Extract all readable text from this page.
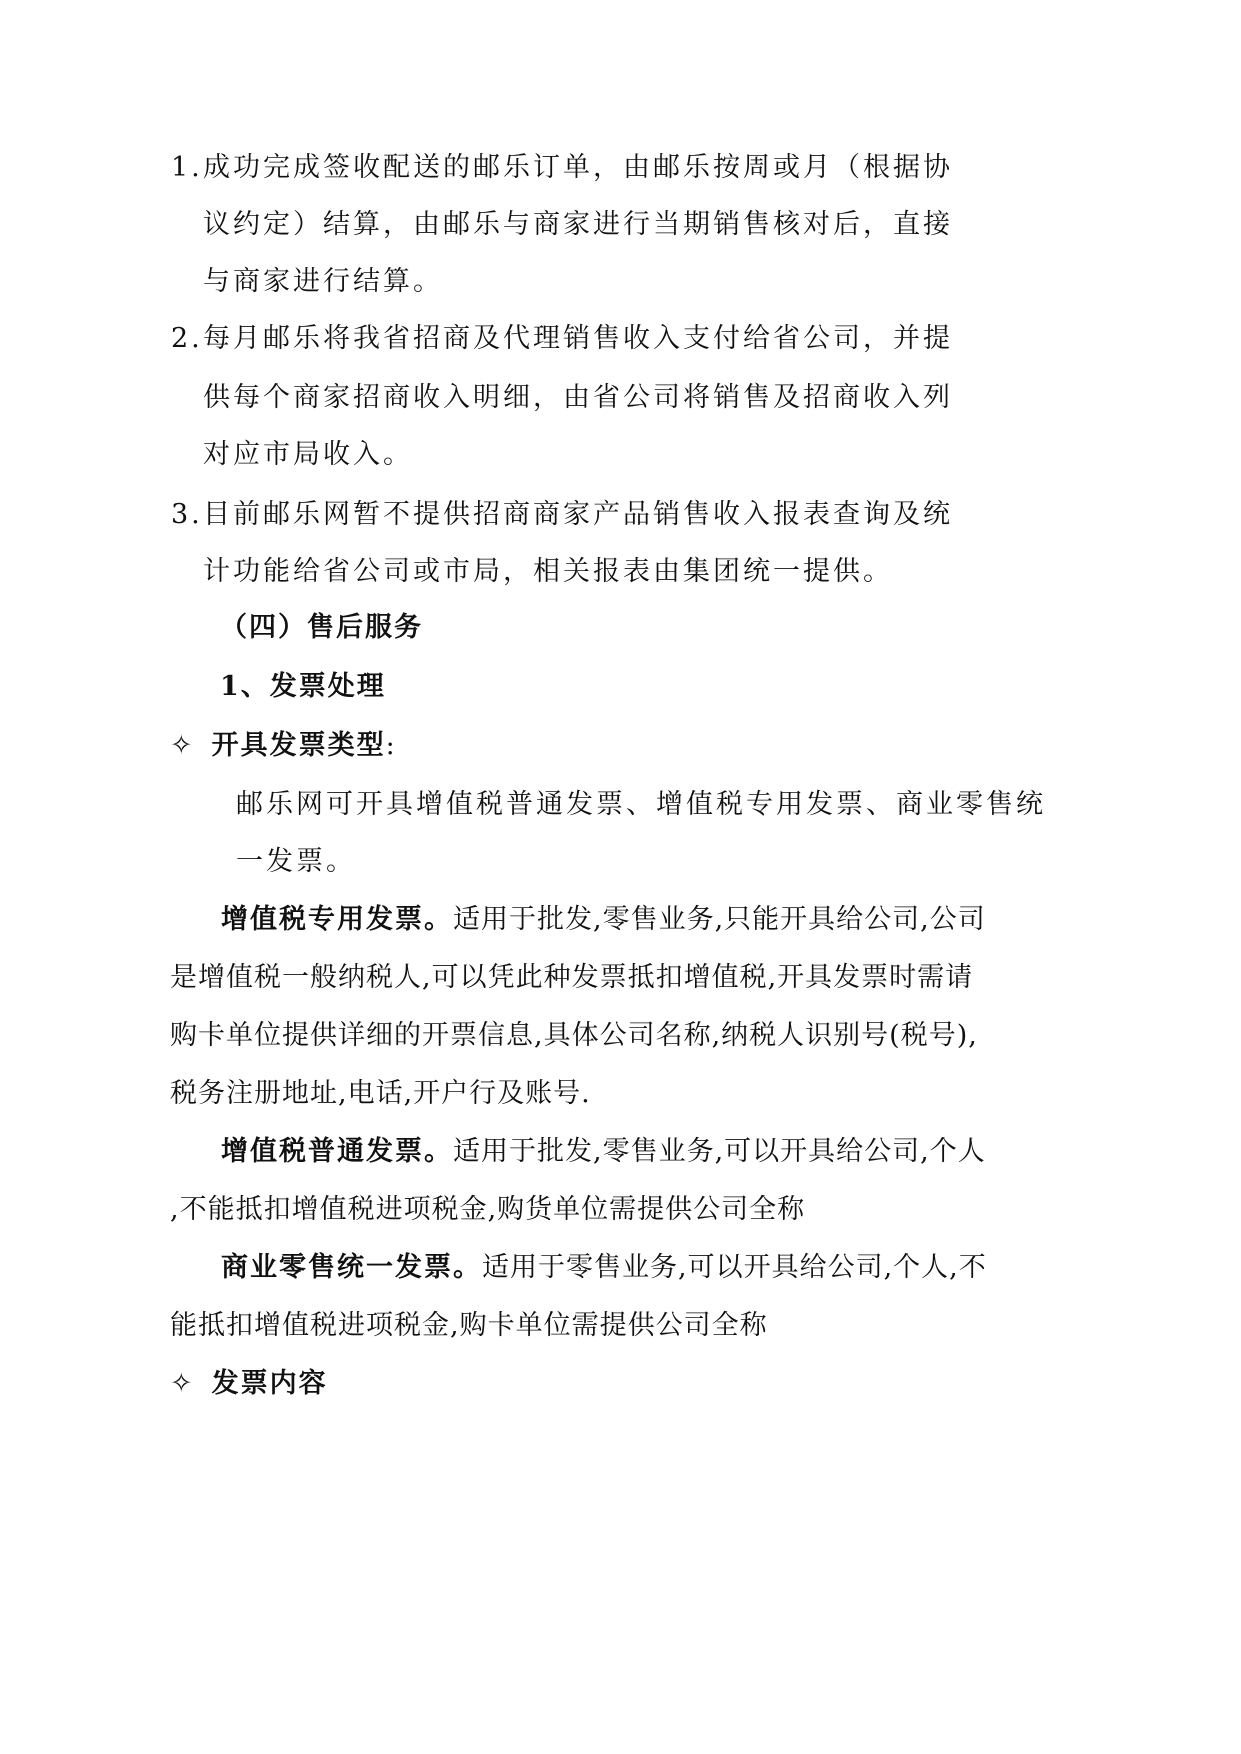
1. 成功完成签收配送的邮乐订单，由邮乐按周或月（根据协
议约定）结算，由邮乐与商家进行当期销售核对后，直接
与商家进行结算。
2. 每月邮乐将我省招商及代理销售收入支付给省公司，并提
供每个商家招商收入明细，由省公司将销售及招商收入列
对应市局收入。
3. 目前邮乐网暂不提供招商商家产品销售收入报表查询及统
计功能给省公司或市局，相关报表由集团统一提供。
（四）售后服务
1、发票处理
✧ 开具发票类型:
邮乐网可开具增值税普通发票、增值税专用发票、商业零售统
一发票。
增值税专用发票。适用于批发,零售业务,只能开具给公司,公司
是增值税一般纳税人,可以凭此种发票抵扣增值税,开具发票时需请
购卡单位提供详细的开票信息,具体公司名称,纳税人识别号(税号),
税务注册地址,电话,开户行及账号.
增值税普通发票。适用于批发,零售业务,可以开具给公司,个人
,不能抵扣增值税进项税金,购货单位需提供公司全称
商业零售统一发票。适用于零售业务,可以开具给公司,个人,不
能抵扣增值税进项税金,购卡单位需提供公司全称
✧ 发票内容
